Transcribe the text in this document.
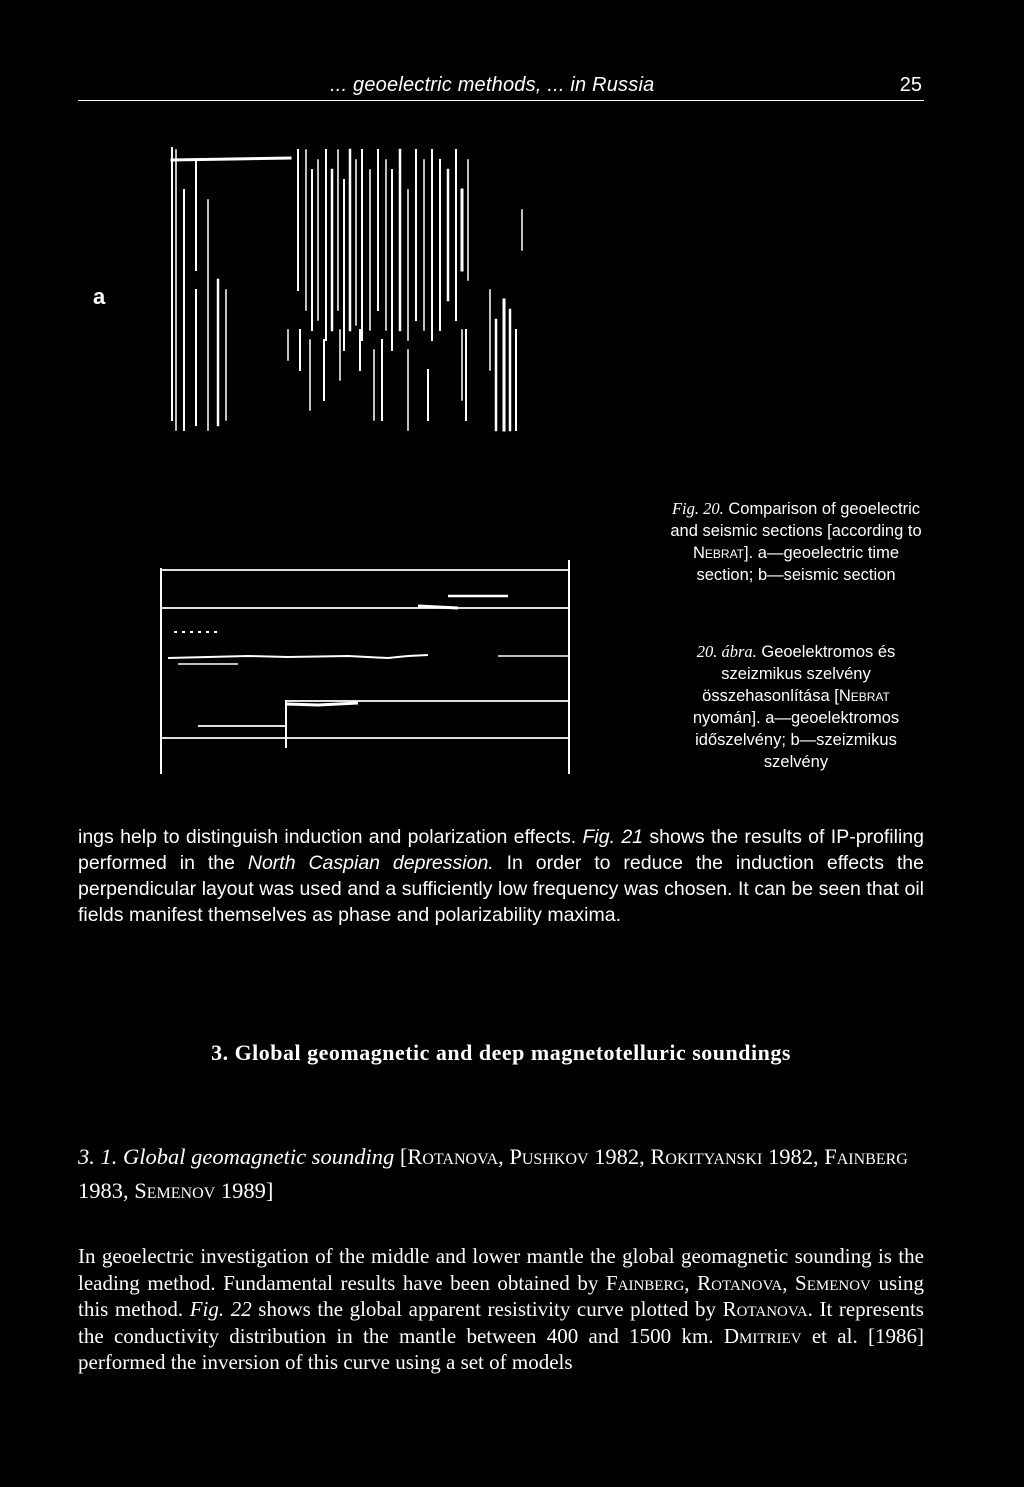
... geoelectric methods, ... in Russia	25
a
Fig. 20. Comparison of geoelectric and seismic sections [according to Nebrat]. a—geoelectric time section; b—seismic section
20. ábra. Geoelektromos és szeizmikus szelvény összehasonlítása [Nebrat nyomán]. a—geoelektromos időszelvény; b—szeizmikus szelvény
ings help to distinguish induction and polarization effects. Fig. 21 shows the results of IP-profiling performed in the North Caspian depression. In order to reduce the induction effects the perpendicular layout was used and a sufficiently low frequency was chosen. It can be seen that oil fields manifest themselves as phase and polarizability maxima.
3. Global geomagnetic and deep magnetotelluric soundings
3. 1. Global geomagnetic sounding [Rotanova, Pushkov 1982, Rokityanski 1982, Fainberg 1983, Semenov 1989]
In geoelectric investigation of the middle and lower mantle the global geomagnetic sounding is the leading method. Fundamental results have been obtained by Fainberg, Rotanova, Semenov using this method. Fig. 22 shows the global apparent resistivity curve plotted by Rotanova. It represents the conductivity distribution in the mantle between 400 and 1500 km. Dmitriev et al. [1986] performed the inversion of this curve using a set of models
